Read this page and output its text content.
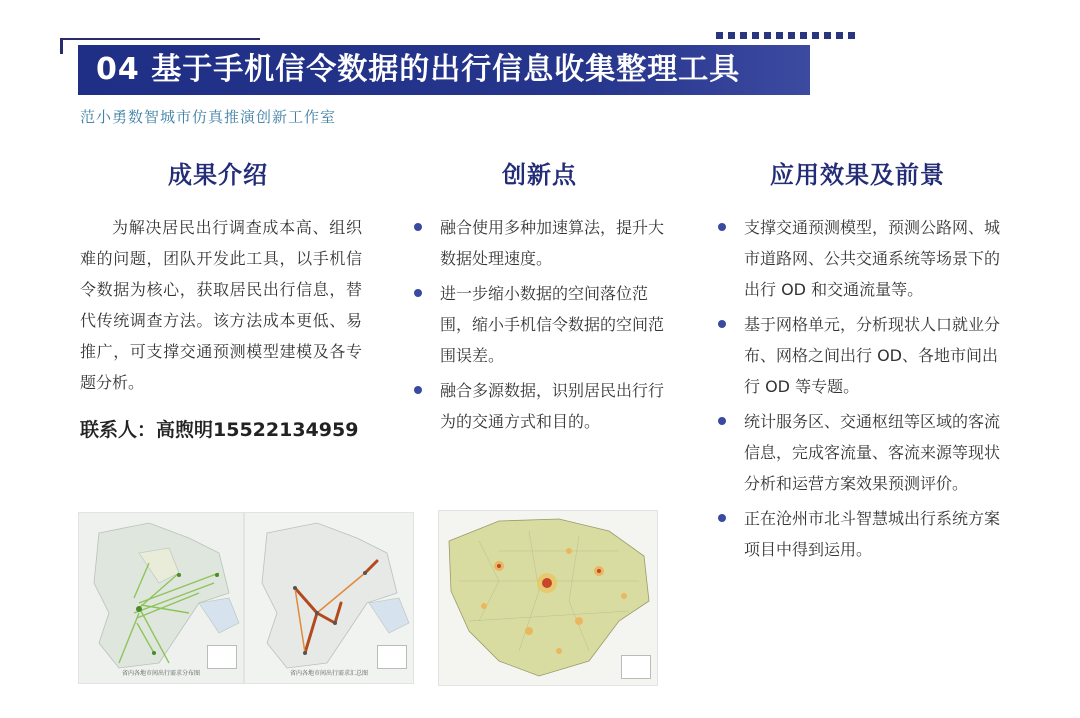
04 基于手机信令数据的出行信息收集整理工具
范小勇数智城市仿真推演创新工作室
成果介绍
为解决居民出行调查成本高、组织难的问题，团队开发此工具，以手机信令数据为核心，获取居民出行信息，替代传统调查方法。该方法成本更低、易推广，可支撑交通预测模型建模及各专题分析。
联系人：高煦明15522134959
创新点
融合使用多种加速算法，提升大数据处理速度。
进一步缩小数据的空间落位范围，缩小手机信令数据的空间范围误差。
融合多源数据，识别居民出行行为的交通方式和目的。
应用效果及前景
支撑交通预测模型，预测公路网、城市道路网、公共交通系统等场景下的出行 OD 和交通流量等。
基于网格单元，分析现状人口就业分布、网格之间出行 OD、各地市间出行 OD 等专题。
统计服务区、交通枢纽等区域的客流信息，完成客流量、客流来源等现状分析和运营方案效果预测评价。
正在沧州市北斗智慧城出行系统方案项目中得到运用。
省内各地市间出行需求分布图	省内各地市间出行需求汇总图
